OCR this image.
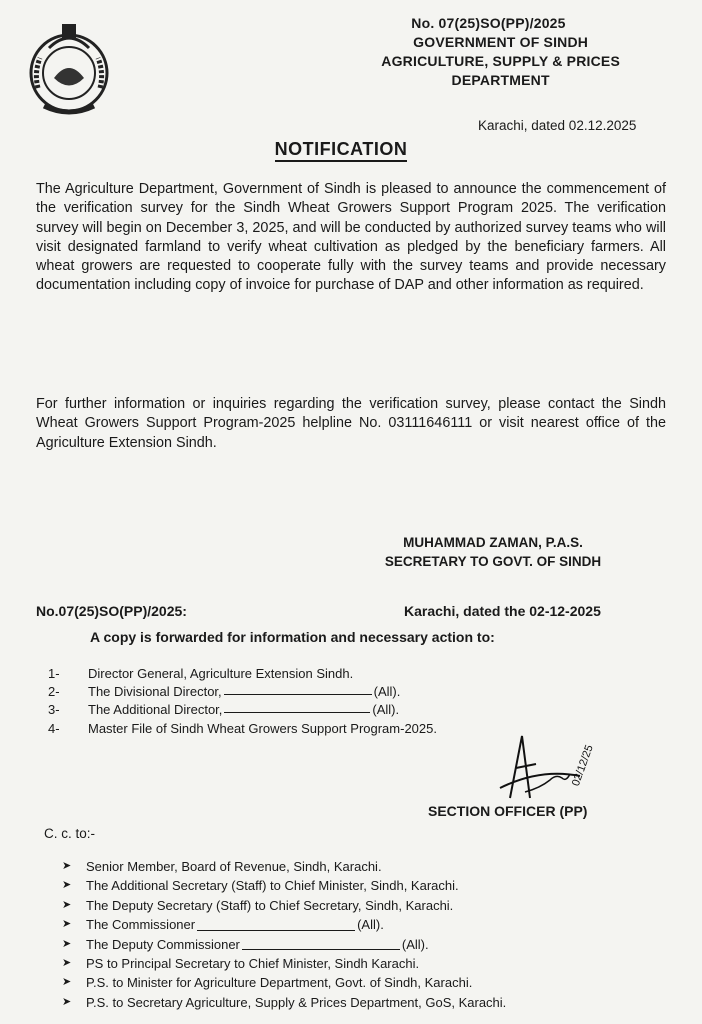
No. 07(25)SO(PP)/2025
GOVERNMENT OF SINDH
AGRICULTURE, SUPPLY & PRICES
DEPARTMENT
Karachi, dated 02.12.2025
NOTIFICATION
The Agriculture Department, Government of Sindh is pleased to announce the commencement of the verification survey for the Sindh Wheat Growers Support Program 2025. The verification survey will begin on December 3, 2025, and will be conducted by authorized survey teams who will visit designated farmland to verify wheat cultivation as pledged by the beneficiary farmers. All wheat growers are requested to cooperate fully with the survey teams and provide necessary documentation including copy of invoice for purchase of DAP and other information as required.
For further information or inquiries regarding the verification survey, please contact the Sindh Wheat Growers Support Program-2025 helpline No. 03111646111 or visit nearest office of the Agriculture Extension Sindh.
MUHAMMAD ZAMAN, P.A.S.
SECRETARY TO GOVT. OF SINDH
No.07(25)SO(PP)/2025:	Karachi, dated the 02-12-2025
A copy is forwarded for information and necessary action to:
1-	Director General, Agriculture Extension Sindh.
2-	The Divisional Director,	(All).
3-	The Additional Director,	(All).
4-	Master File of Sindh Wheat Growers Support Program-2025.
02/12/25
SECTION OFFICER (PP)
C. c. to:-
➤	Senior Member, Board of Revenue, Sindh, Karachi.
➤	The Additional Secretary (Staff) to Chief Minister, Sindh, Karachi.
➤	The Deputy Secretary (Staff) to Chief Secretary, Sindh, Karachi.
➤	The Commissioner	(All).
➤	The Deputy Commissioner	(All).
➤	PS to Principal Secretary to Chief Minister, Sindh Karachi.
➤	P.S. to Minister for Agriculture Department, Govt. of Sindh, Karachi.
➤	P.S. to Secretary Agriculture, Supply & Prices Department, GoS, Karachi.
